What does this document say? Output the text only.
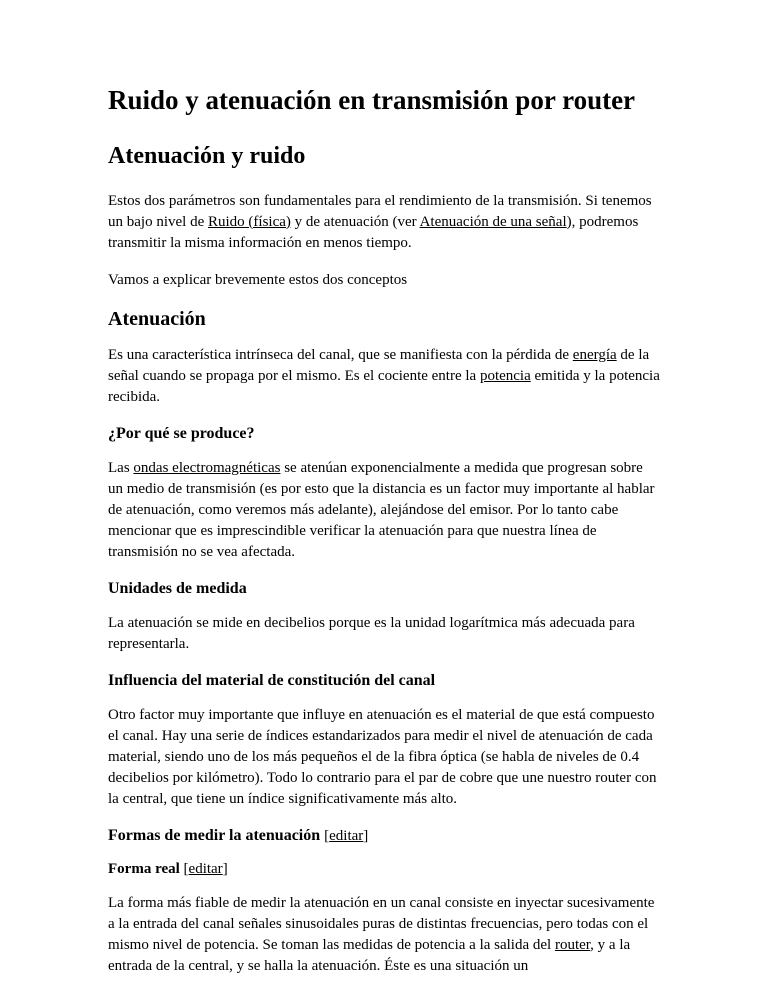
Ruido y atenuación en transmisión por router
Atenuación y ruido

Estos dos parámetros son fundamentales para el rendimiento de la transmisión. Si tenemos un bajo nivel de Ruido (física) y de atenuación (ver Atenuación de una señal), podremos transmitir la misma información en menos tiempo.

Vamos a explicar brevemente estos dos conceptos

Atenuación

Es una característica intrínseca del canal, que se manifiesta con la pérdida de energía de la señal cuando se propaga por el mismo. Es el cociente entre la potencia emitida y la potencia recibida.

¿Por qué se produce?

Las ondas electromagnéticas se atenúan exponencialmente a medida que progresan sobre un medio de transmisión (es por esto que la distancia es un factor muy importante al hablar de atenuación, como veremos más adelante), alejándose del emisor. Por lo tanto cabe mencionar que es imprescindible verificar la atenuación para que nuestra línea de transmisión no se vea afectada.

Unidades de medida

La atenuación se mide en decibelios porque es la unidad logarítmica más adecuada para representarla.

Influencia del material de constitución del canal

Otro factor muy importante que influye en atenuación es el material de que está compuesto el canal. Hay una serie de índices estandarizados para medir el nivel de atenuación de cada material, siendo uno de los más pequeños el de la fibra óptica (se habla de niveles de 0.4 decibelios por kilómetro). Todo lo contrario para el par de cobre que une nuestro router con la central, que tiene un índice significativamente más alto.

Formas de medir la atenuación [editar]
Forma real [editar]

La forma más fiable de medir la atenuación en un canal consiste en inyectar sucesivamente a la entrada del canal señales sinusoidales puras de distintas frecuencias, pero todas con el mismo nivel de potencia. Se toman las medidas de potencia a la salida del router, y a la entrada de la central, y se halla la atenuación. Éste es una situación un
